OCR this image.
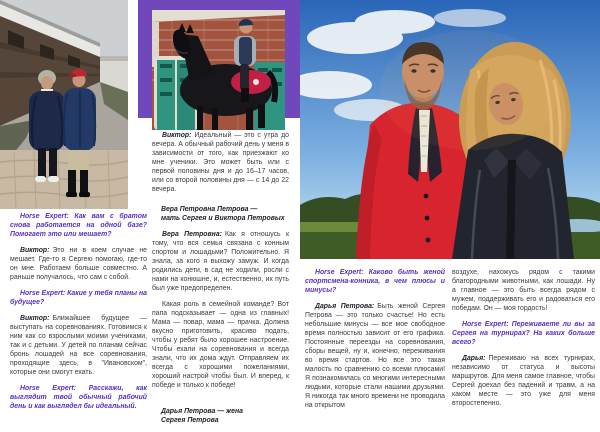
Horse Expert: Как вам с братом снова работается на одной базе? Помогает это или мешает?

Виктор: Это ни в коем случае не мешает. Где-то я Сергею помогаю, где-то он мне. Работаем больше совместно. А раньше получалось, что сам с собой.

Horse Expert: Какие у тебя планы на будущее?

Виктор: Ближайшее будущее — выступать на соревнованиях. Готовимся к ним как со взрослыми моими учениками, так и с детьми. У детей по планам сейчас бронь лошадей на все соревнования, проходящие здесь, в "Ивановском", которые они смогут ехать.

Horse Expert: Расскажи, как выглядит твой обычный рабочий день и как выглядел бы идеальный.

Виктор: Идеальный — это с утра до вечера. А обычный рабочий день у меня в зависимости от того, как приезжают ко мне ученики. Это может быть или с первой половины дня и до 16–17 часов, или со второй половины дня — с 14 до 22 вечера.

Вера Петровна Петрова —
мать Сергея и Виктора Петровых

Вера Петровна: Как я отношусь к тому, что вся семья связана с конным спортом и лошадьми? Положительно. Я знала, за кого я выхожу замуж. И когда родились дети, в сад не ходили, росли с нами на конюшне, и, естественно, их путь был уже предопределен.

Какая роль в семейной команде? Вот папа подсказывает — одна из главных! Мама — повар, мама — прачка. Должна вкусно приготовить, красиво подать, чтобы у ребят было хорошее настроение. Чтобы ехали на соревнования и всегда знали, что их дома ждут. Отправляем их всегда с хорошими пожеланиями, хороший настрой чтобы был. И вперед, к победе и только к победе!

Дарья Петрова — жена
Сергея Петрова

Horse Expert: Каково быть женой спортсмена-конника, в чем плюсы и минусы?

Дарья Петрова: Быть женой Сергея Петрова — это только счастье! Но есть небольшие минусы — все мое свободное время полностью зависит от его графика. Постоянные переезды на соревнования, сборы вещей, ну и, конечно, переживания во время стартов. Но все это такая малость по сравнению со всеми плюсами! Я познакомилась со многими интересными людьми, которые стали нашими друзьями. Я никогда так много времени не проводила на открытом

воздухе, нахожусь рядом с такими благородными животными, как лошади. Ну а главное — это быть всегда рядом с мужем, поддерживать его и радоваться его победам. Он — моя гордость!

Horse Expert: Переживаете ли вы за Сергея на турнирах? На каких больше всего?

Дарья: Переживаю на всех турнирах, независимо от статуса и высоты маршрутов. Для меня самое главное, чтобы Сергей доехал без падений и травм, а на каком месте — это уже для меня второстепенно.
